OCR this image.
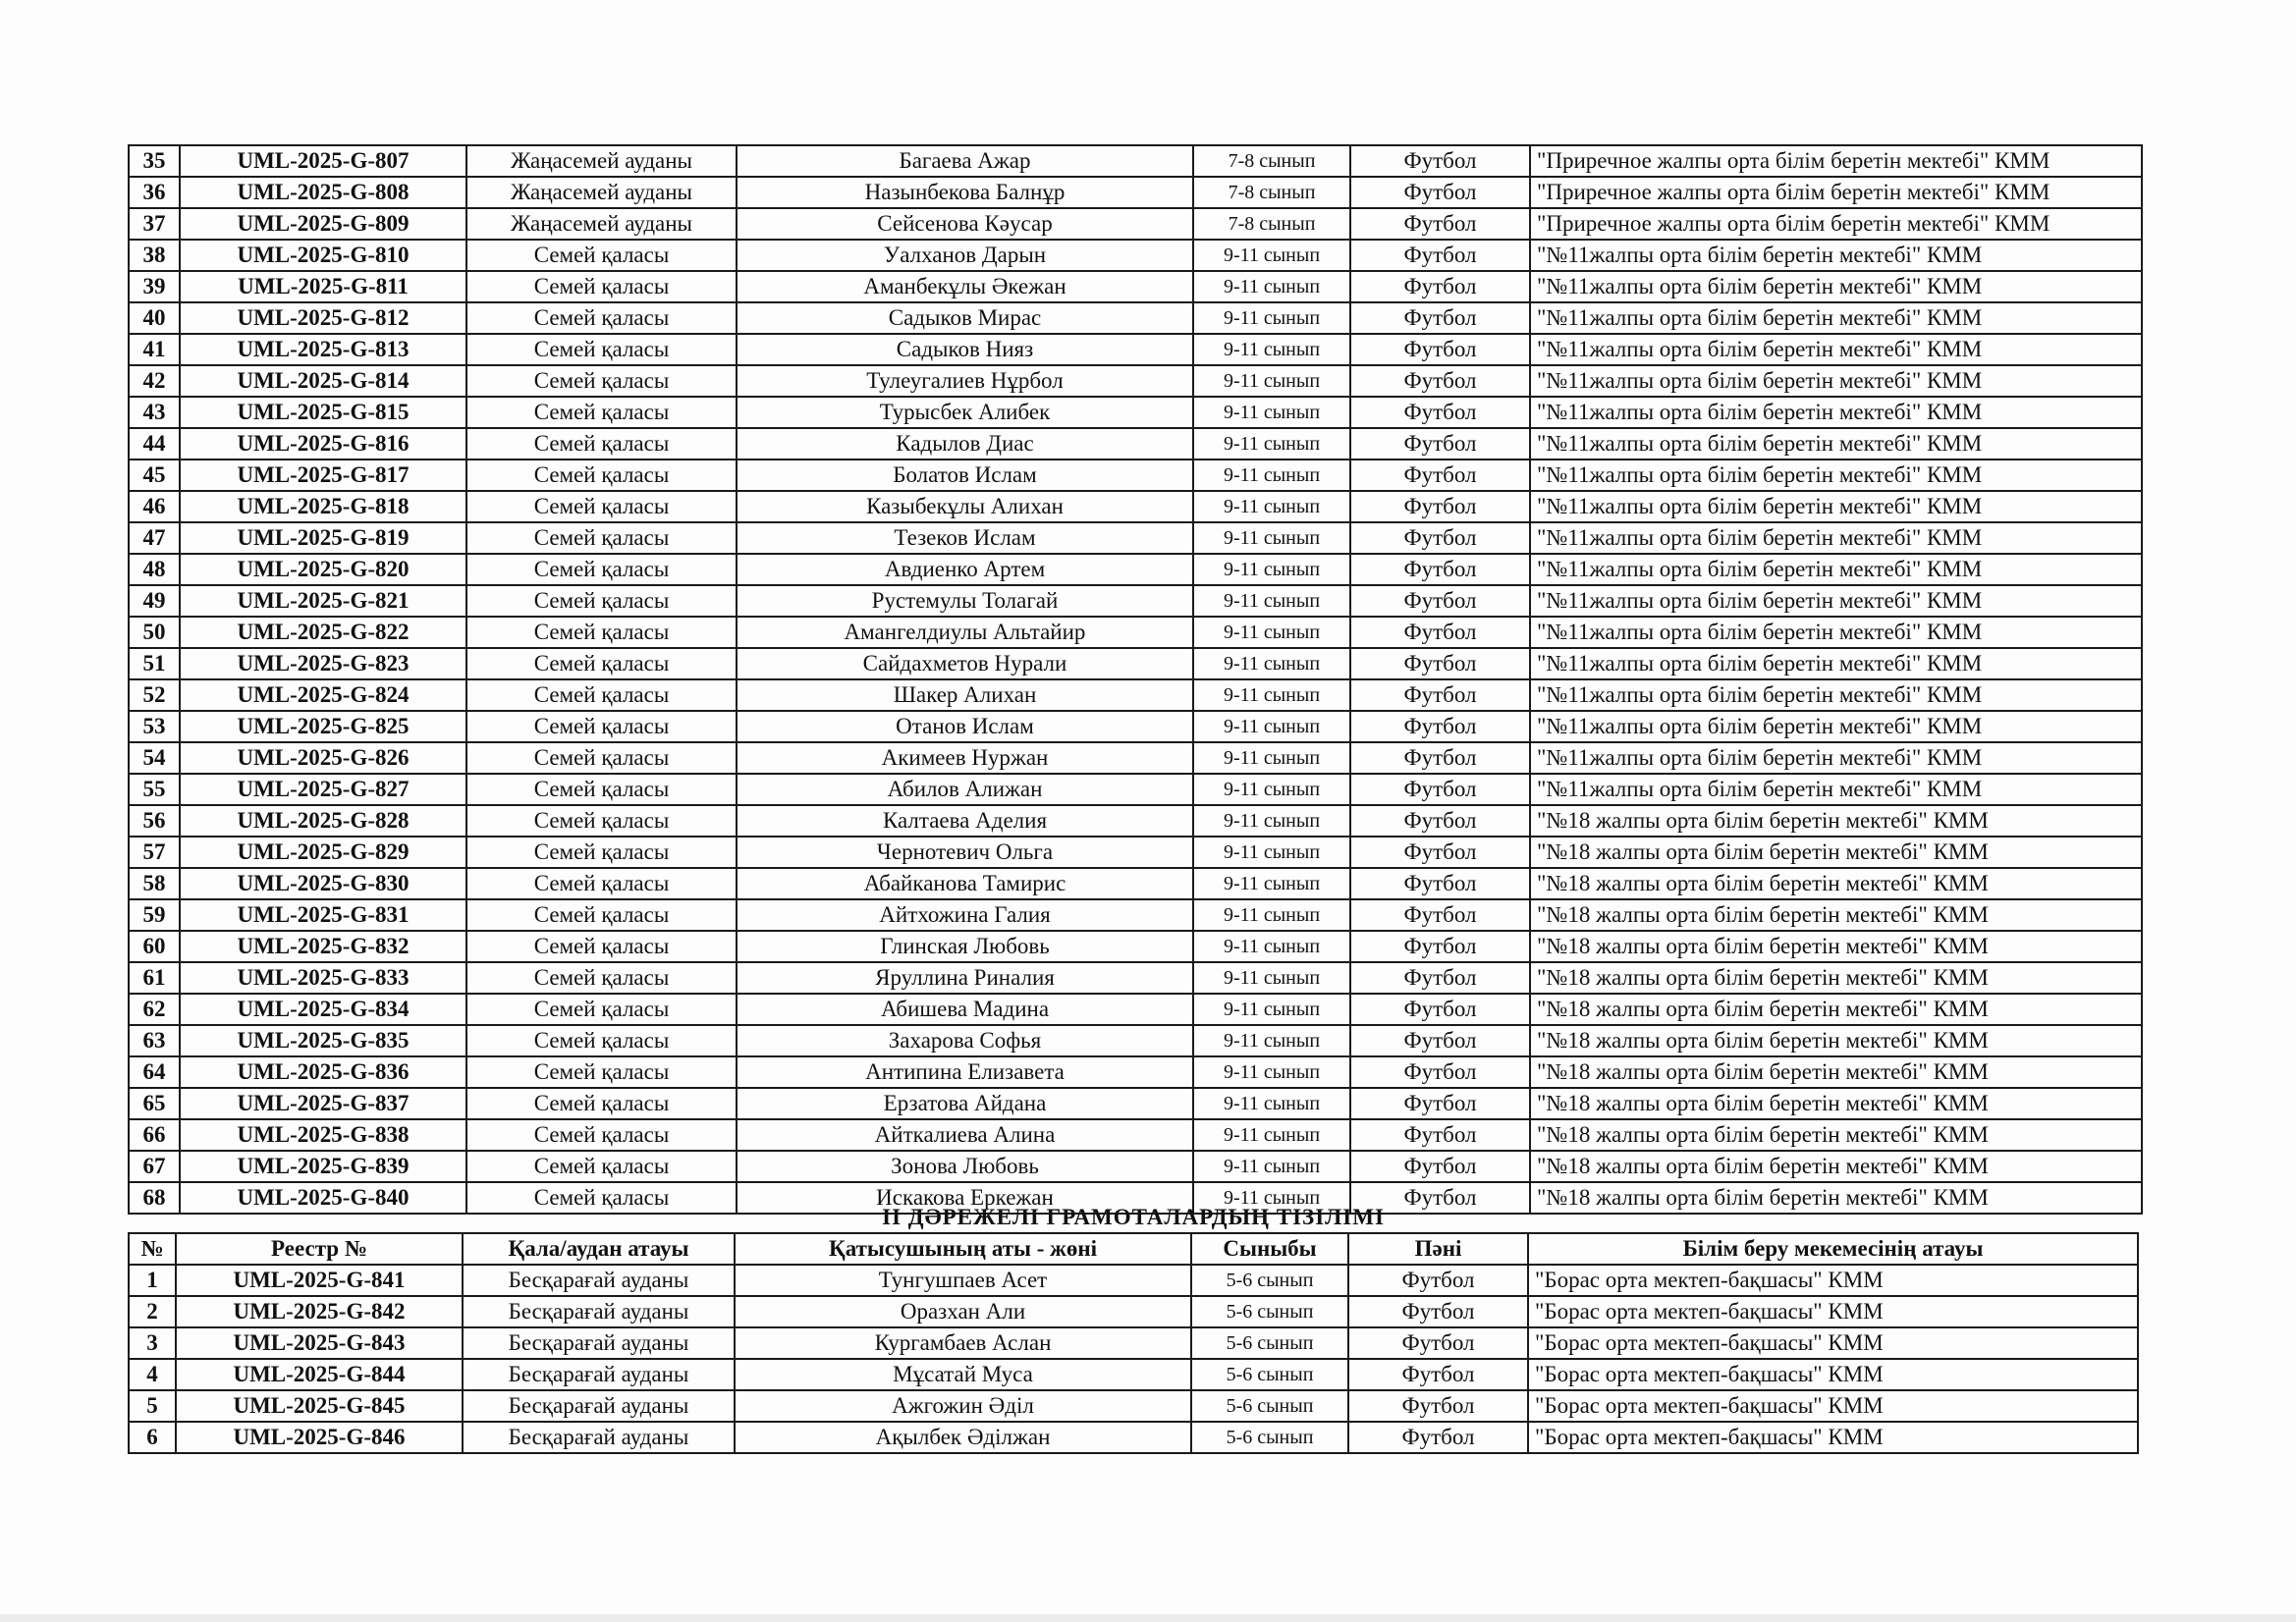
35	UML-2025-G-807	Жаңасемей ауданы	Багаева Ажар	7-8 сынып	Футбол	"Приречное жалпы орта білім беретін мектебі" КММ
36	UML-2025-G-808	Жаңасемей ауданы	Назынбекова Балнұр	7-8 сынып	Футбол	"Приречное жалпы орта білім беретін мектебі" КММ
37	UML-2025-G-809	Жаңасемей ауданы	Сейсенова Кәусар	7-8 сынып	Футбол	"Приречное жалпы орта білім беретін мектебі" КММ
38	UML-2025-G-810	Семей қаласы	Уалханов Дарын	9-11 сынып	Футбол	"№11жалпы орта білім беретін мектебі" КММ
39	UML-2025-G-811	Семей қаласы	Аманбекұлы Әкежан	9-11 сынып	Футбол	"№11жалпы орта білім беретін мектебі" КММ
40	UML-2025-G-812	Семей қаласы	Садыков Мирас	9-11 сынып	Футбол	"№11жалпы орта білім беретін мектебі" КММ
41	UML-2025-G-813	Семей қаласы	Садыков Нияз	9-11 сынып	Футбол	"№11жалпы орта білім беретін мектебі" КММ
42	UML-2025-G-814	Семей қаласы	Тулеугалиев Нұрбол	9-11 сынып	Футбол	"№11жалпы орта білім беретін мектебі" КММ
43	UML-2025-G-815	Семей қаласы	Турысбек Алибек	9-11 сынып	Футбол	"№11жалпы орта білім беретін мектебі" КММ
44	UML-2025-G-816	Семей қаласы	Кадылов Диас	9-11 сынып	Футбол	"№11жалпы орта білім беретін мектебі" КММ
45	UML-2025-G-817	Семей қаласы	Болатов Ислам	9-11 сынып	Футбол	"№11жалпы орта білім беретін мектебі" КММ
46	UML-2025-G-818	Семей қаласы	Казыбекұлы Алихан	9-11 сынып	Футбол	"№11жалпы орта білім беретін мектебі" КММ
47	UML-2025-G-819	Семей қаласы	Тезеков Ислам	9-11 сынып	Футбол	"№11жалпы орта білім беретін мектебі" КММ
48	UML-2025-G-820	Семей қаласы	Авдиенко Артем	9-11 сынып	Футбол	"№11жалпы орта білім беретін мектебі" КММ
49	UML-2025-G-821	Семей қаласы	Рустемулы Толагай	9-11 сынып	Футбол	"№11жалпы орта білім беретін мектебі" КММ
50	UML-2025-G-822	Семей қаласы	Амангелдиулы Альтайир	9-11 сынып	Футбол	"№11жалпы орта білім беретін мектебі" КММ
51	UML-2025-G-823	Семей қаласы	Сайдахметов Нурали	9-11 сынып	Футбол	"№11жалпы орта білім беретін мектебі" КММ
52	UML-2025-G-824	Семей қаласы	Шакер Алихан	9-11 сынып	Футбол	"№11жалпы орта білім беретін мектебі" КММ
53	UML-2025-G-825	Семей қаласы	Отанов Ислам	9-11 сынып	Футбол	"№11жалпы орта білім беретін мектебі" КММ
54	UML-2025-G-826	Семей қаласы	Акимеев Нуржан	9-11 сынып	Футбол	"№11жалпы орта білім беретін мектебі" КММ
55	UML-2025-G-827	Семей қаласы	Абилов Алижан	9-11 сынып	Футбол	"№11жалпы орта білім беретін мектебі" КММ
56	UML-2025-G-828	Семей қаласы	Калтаева Аделия	9-11 сынып	Футбол	"№18 жалпы орта білім беретін мектебі" КММ
57	UML-2025-G-829	Семей қаласы	Чернотевич Ольга	9-11 сынып	Футбол	"№18 жалпы орта білім беретін мектебі" КММ
58	UML-2025-G-830	Семей қаласы	Абайканова Тамирис	9-11 сынып	Футбол	"№18 жалпы орта білім беретін мектебі" КММ
59	UML-2025-G-831	Семей қаласы	Айтхожина Галия	9-11 сынып	Футбол	"№18 жалпы орта білім беретін мектебі" КММ
60	UML-2025-G-832	Семей қаласы	Глинская Любовь	9-11 сынып	Футбол	"№18 жалпы орта білім беретін мектебі" КММ
61	UML-2025-G-833	Семей қаласы	Яруллина Риналия	9-11 сынып	Футбол	"№18 жалпы орта білім беретін мектебі" КММ
62	UML-2025-G-834	Семей қаласы	Абишева Мадина	9-11 сынып	Футбол	"№18 жалпы орта білім беретін мектебі" КММ
63	UML-2025-G-835	Семей қаласы	Захарова Софья	9-11 сынып	Футбол	"№18 жалпы орта білім беретін мектебі" КММ
64	UML-2025-G-836	Семей қаласы	Антипина Елизавета	9-11 сынып	Футбол	"№18 жалпы орта білім беретін мектебі" КММ
65	UML-2025-G-837	Семей қаласы	Ерзатова Айдана	9-11 сынып	Футбол	"№18 жалпы орта білім беретін мектебі" КММ
66	UML-2025-G-838	Семей қаласы	Айткалиева Алина	9-11 сынып	Футбол	"№18 жалпы орта білім беретін мектебі" КММ
67	UML-2025-G-839	Семей қаласы	Зонова Любовь	9-11 сынып	Футбол	"№18 жалпы орта білім беретін мектебі" КММ
68	UML-2025-G-840	Семей қаласы	Искакова Еркежан	9-11 сынып	Футбол	"№18 жалпы орта білім беретін мектебі" КММ
II ДӘРЕЖЕЛІ ГРАМОТАЛАРДЫҢ ТІЗІЛІМІ						
№	Реестр №	Қала/аудан атауы	Қатысушының аты - жөні	Сыныбы	Пәні	Білім беру мекемесінің атауы
1	UML-2025-G-841	Бесқарағай ауданы	Тунгушпаев Асет	5-6 сынып	Футбол	"Борас орта мектеп-бақшасы" КММ
2	UML-2025-G-842	Бесқарағай ауданы	Оразхан Али	5-6 сынып	Футбол	"Борас орта мектеп-бақшасы" КММ
3	UML-2025-G-843	Бесқарағай ауданы	Кургамбаев Аслан	5-6 сынып	Футбол	"Борас орта мектеп-бақшасы" КММ
4	UML-2025-G-844	Бесқарағай ауданы	Мұсатай Муса	5-6 сынып	Футбол	"Борас орта мектеп-бақшасы" КММ
5	UML-2025-G-845	Бесқарағай ауданы	Ажгожин Әділ	5-6 сынып	Футбол	"Борас орта мектеп-бақшасы" КММ
6	UML-2025-G-846	Бесқарағай ауданы	Ақылбек Әділжан	5-6 сынып	Футбол	"Борас орта мектеп-бақшасы" КММ
